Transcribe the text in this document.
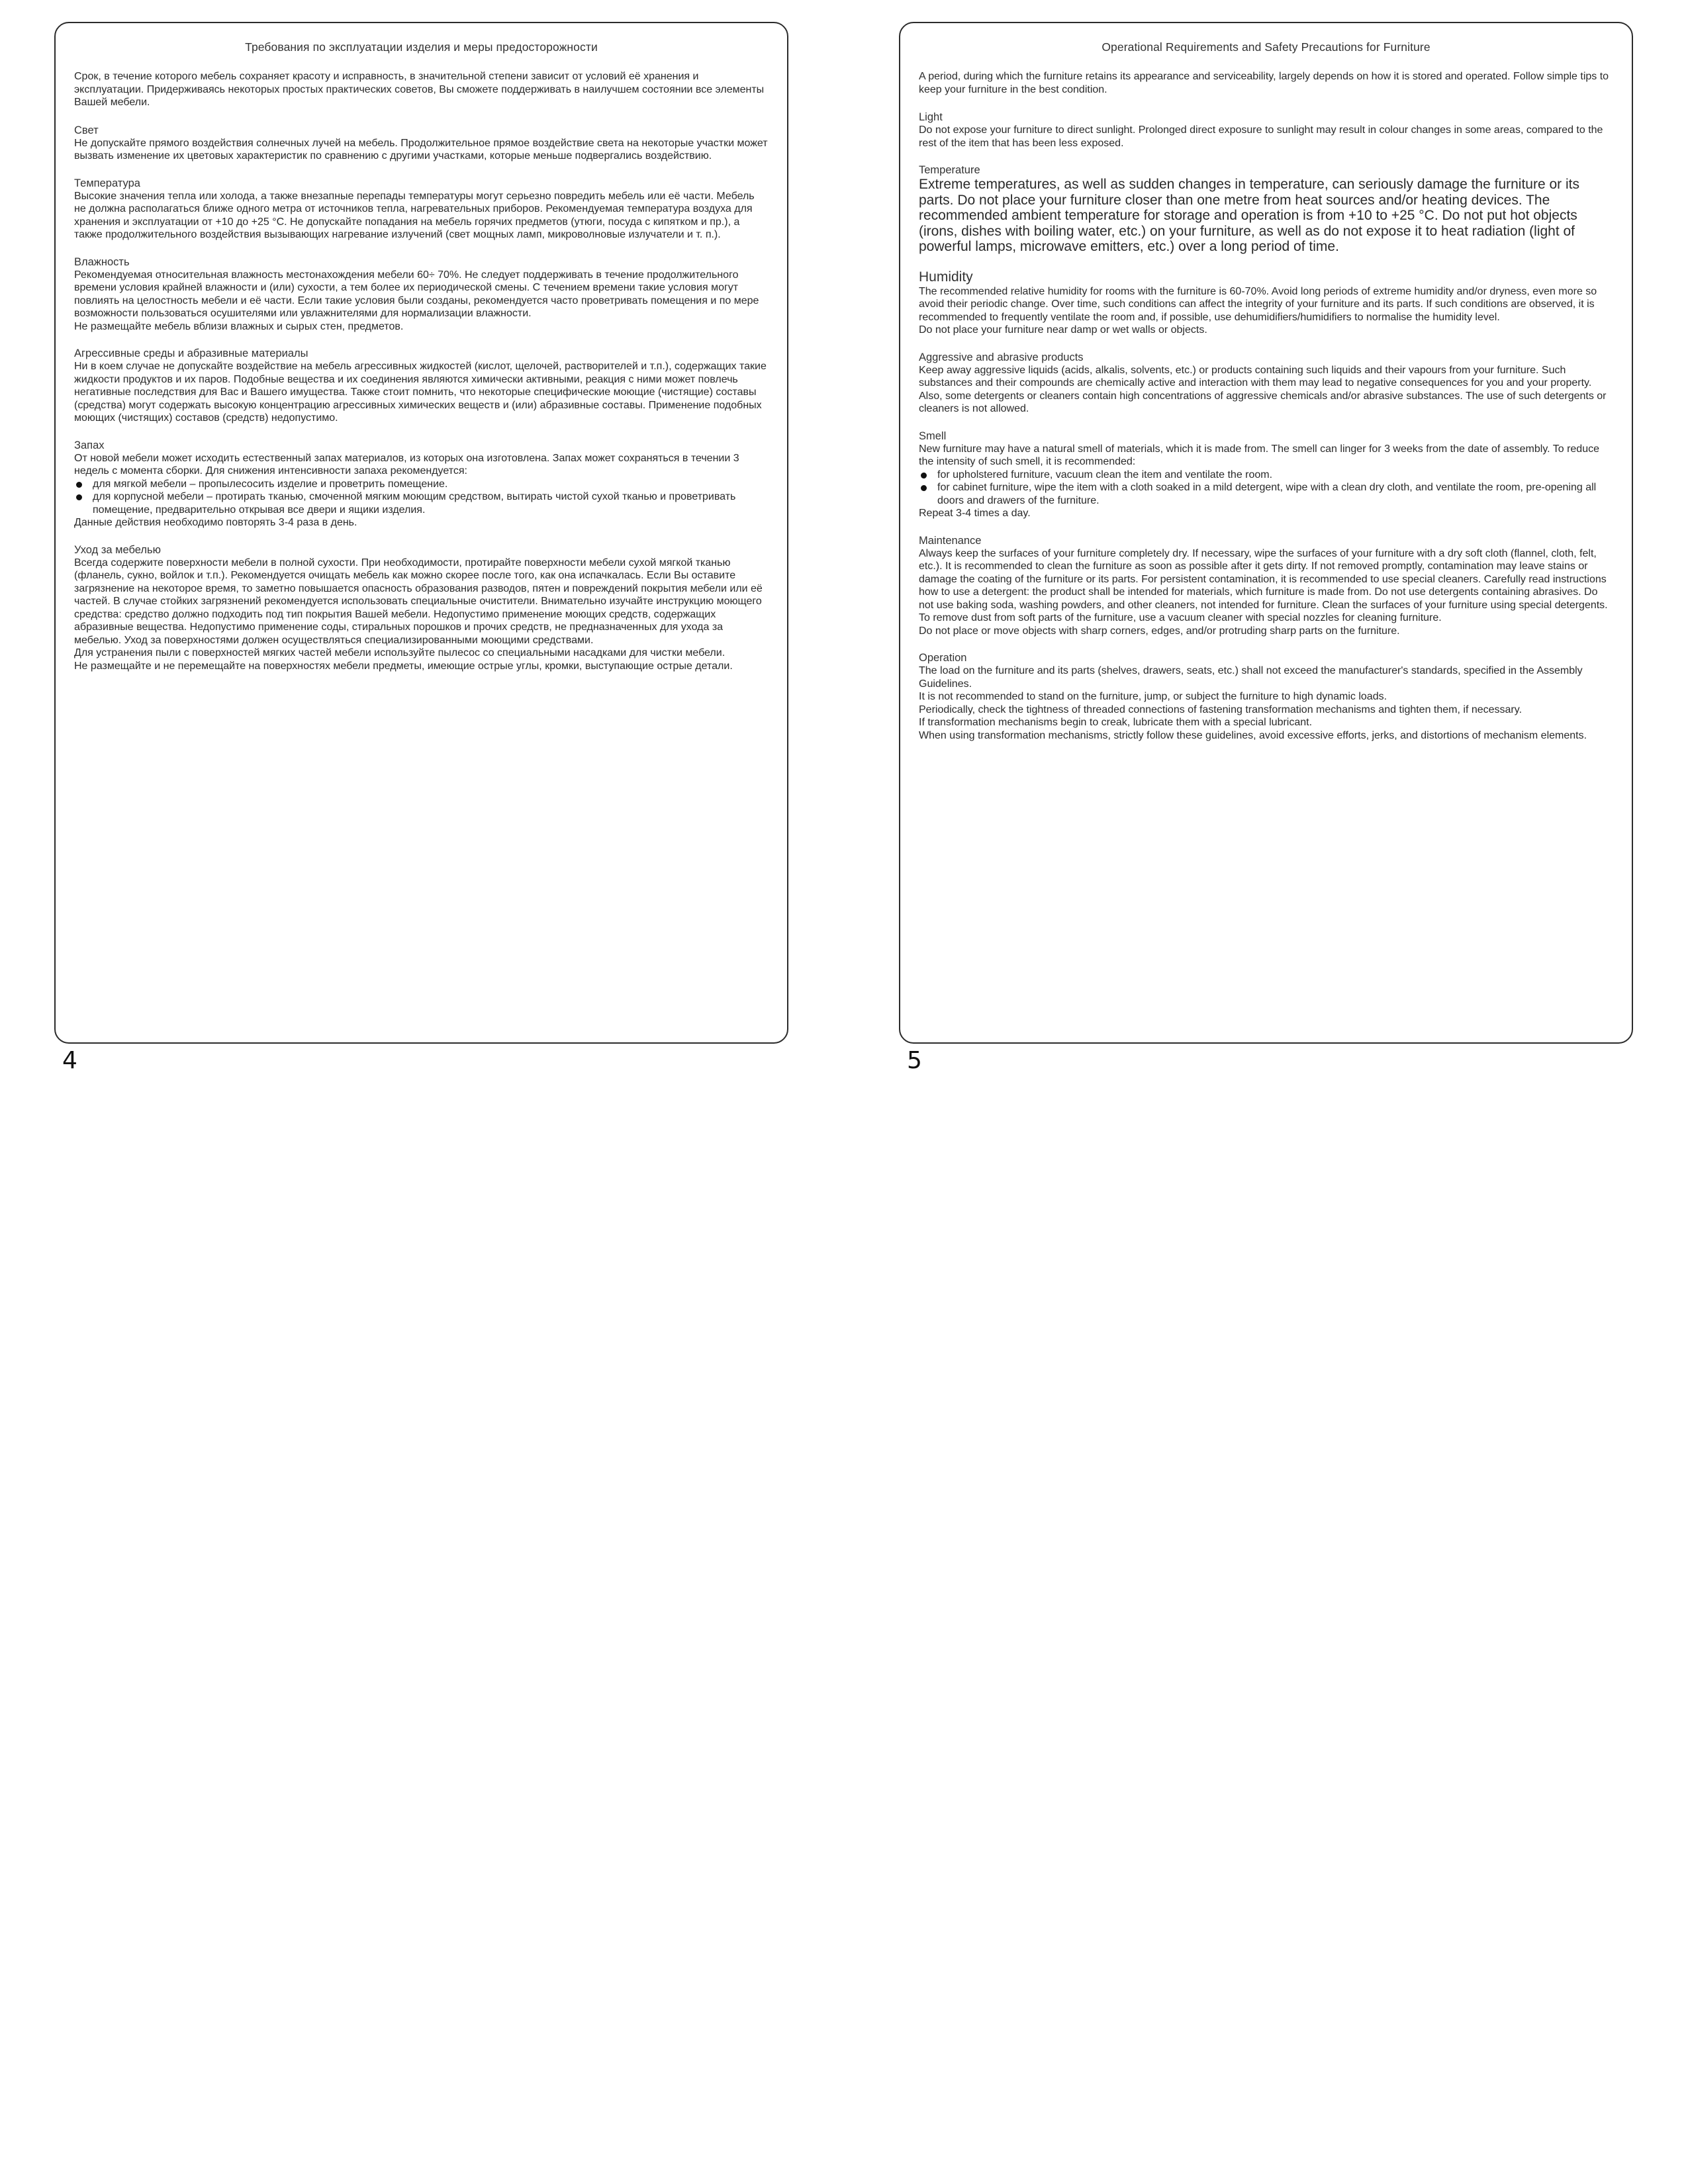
Требования по эксплуатации изделия и меры предосторожности

Срок, в течение которого мебель сохраняет красоту и исправность, в значительной степени зависит от условий её хранения и эксплуатации. Придерживаясь некоторых простых практических советов, Вы сможете поддерживать в наилучшем состоянии все элементы Вашей мебели.

Свет

Не допускайте прямого воздействия солнечных лучей на мебель. Продолжительное прямое воздействие света на некоторые участки может вызвать изменение их цветовых характеристик по сравнению с другими участками, которые меньше подвергались воздействию.

Температура

Высокие значения тепла или холода, а также внезапные перепады температуры могут серьезно повредить мебель или её части. Мебель не должна располагаться ближе одного метра от источников тепла, нагревательных приборов. Рекомендуемая температура воздуха для хранения и эксплуатации от +10 до +25 °С. Не допускайте попадания на мебель горячих предметов (утюги, посуда с кипятком и пр.), а также продолжительного воздействия вызывающих нагревание излучений (свет мощных ламп, микроволновые излучатели и т. п.).

Влажность

Рекомендуемая относительная влажность местонахождения мебели 60÷ 70%. Не следует поддерживать в течение продолжительного времени условия крайней влажности и (или) сухости, а тем более их периодической смены. С течением времени такие условия могут повлиять на целостность мебели и её части. Если такие условия были созданы, рекомендуется часто проветривать помещения и по мере возможности пользоваться осушителями или увлажнителями для нормализации влажности.

Не размещайте мебель вблизи влажных и сырых стен, предметов.

Агрессивные среды и абразивные материалы

Ни в коем случае не допускайте воздействие на мебель агрессивных жидкостей (кислот, щелочей, растворителей и т.п.), содержащих такие жидкости продуктов и их паров. Подобные вещества и их соединения являются химически активными, реакция с ними может повлечь негативные последствия для Вас и Вашего имущества. Также стоит помнить, что некоторые специфические моющие (чистящие) составы (средства) могут содержать высокую концентрацию агрессивных химических веществ и (или) абразивные составы. Применение подобных моющих (чистящих) составов (средств) недопустимо.

Запах

От новой мебели может исходить естественный запах материалов, из которых она изготовлена. Запах может сохраняться в течении 3 недель с момента сборки. Для снижения интенсивности запаха рекомендуется:

для мягкой мебели – пропылесосить изделие и проветрить помещение.
для корпусной мебели – протирать тканью, смоченной мягким моющим средством, вытирать чистой сухой тканью и проветривать помещение, предварительно открывая все двери и ящики изделия.

Данные действия необходимо повторять 3-4 раза в день.

Уход за мебелью

Всегда содержите поверхности мебели в полной сухости. При необходимости, протирайте поверхности мебели сухой мягкой тканью (фланель, сукно, войлок и т.п.). Рекомендуется очищать мебель как можно скорее после того, как она испачкалась. Если Вы оставите загрязнение на некоторое время, то заметно повышается опасность образования разводов, пятен и повреждений покрытия мебели или её частей. В случае стойких загрязнений рекомендуется использовать специальные очистители. Внимательно изучайте инструкцию моющего средства: средство должно подходить под тип покрытия Вашей мебели. Недопустимо применение моющих средств, содержащих абразивные вещества. Недопустимо применение соды, стиральных порошков и прочих средств, не предназначенных для ухода за мебелью. Уход за поверхностями должен осуществляться специализированными моющими средствами.

Для устранения пыли с поверхностей мягких частей мебели используйте пылесос со специальными насадками для чистки мебели.

Не размещайте и не перемещайте на поверхностях мебели предметы, имеющие острые углы, кромки, выступающие острые детали.

4
Operational Requirements and Safety Precautions for Furniture

A period, during which the furniture retains its appearance and serviceability, largely depends on how it is stored and operated. Follow simple tips to keep your furniture in the best condition.

Light

Do not expose your furniture to direct sunlight. Prolonged direct exposure to sunlight may result in colour changes in some areas, compared to the rest of the item that has been less exposed.

Temperature

Extreme temperatures, as well as sudden changes in temperature, can seriously damage the furniture or its parts. Do not place your furniture closer than one metre from heat sources and/or heating devices. The recommended ambient temperature for storage and operation is from +10 to +25 °C. Do not put hot objects (irons, dishes with boiling water, etc.) on your furniture, as well as do not expose it to heat radiation (light of powerful lamps, microwave emitters, etc.) over a long period of time.

Humidity

The recommended relative humidity for rooms with the furniture is 60-70%. Avoid long periods of extreme humidity and/or dryness, even more so avoid their periodic change. Over time, such conditions can affect the integrity of your furniture and its parts. If such conditions are observed, it is recommended to frequently ventilate the room and, if possible, use dehumidifiers/humidifiers to normalise the humidity level.

Do not place your furniture near damp or wet walls or objects.

Aggressive and abrasive products

Keep away aggressive liquids (acids, alkalis, solvents, etc.) or products containing such liquids and their vapours from your furniture. Such substances and their compounds are chemically active and interaction with them may lead to negative consequences for you and your property. Also, some detergents or cleaners contain high concentrations of aggressive chemicals and/or abrasive substances. The use of such detergents or cleaners is not allowed.

Smell

New furniture may have a natural smell of materials, which it is made from. The smell can linger for 3 weeks from the date of assembly. To reduce the intensity of such smell, it is recommended:

for upholstered furniture, vacuum clean the item and ventilate the room.
for cabinet furniture, wipe the item with a cloth soaked in a mild detergent, wipe with a clean dry cloth, and ventilate the room, pre-opening all doors and drawers of the furniture.

Repeat 3-4 times a day.

Maintenance

Always keep the surfaces of your furniture completely dry. If necessary, wipe the surfaces of your furniture with a dry soft cloth (flannel, cloth, felt, etc.). It is recommended to clean the furniture as soon as possible after it gets dirty. If not removed promptly, contamination may leave stains or damage the coating of the furniture or its parts. For persistent contamination, it is recommended to use special cleaners. Carefully read instructions how to use a detergent: the product shall be intended for materials, which furniture is made from. Do not use detergents containing abrasives. Do not use baking soda, washing powders, and other cleaners, not intended for furniture. Clean the surfaces of your furniture using special detergents.

To remove dust from soft parts of the furniture, use a vacuum cleaner with special nozzles for cleaning furniture.

Do not place or move objects with sharp corners, edges, and/or protruding sharp parts on the furniture.

Operation

The load on the furniture and its parts (shelves, drawers, seats, etc.) shall not exceed the manufacturer's standards, specified in the Assembly Guidelines.

It is not recommended to stand on the furniture, jump, or subject the furniture to high dynamic loads.

Periodically, check the tightness of threaded connections of fastening transformation mechanisms and tighten them, if necessary.

If transformation mechanisms begin to creak, lubricate them with a special lubricant.

When using transformation mechanisms, strictly follow these guidelines, avoid excessive efforts, jerks, and distortions of mechanism elements.

5
